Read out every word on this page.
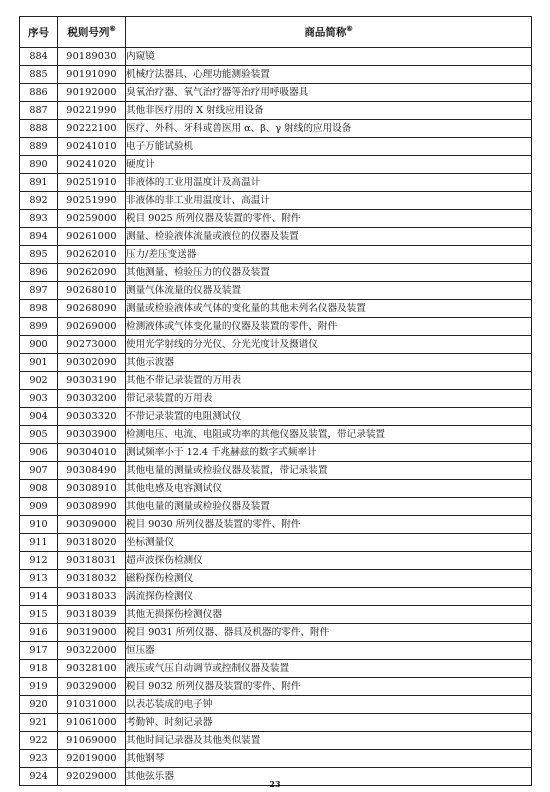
序号	税则号列⑥	商品简称⑥
884	90189030	内窥镜
885	90191090	机械疗法器具、心理功能测验装置
886	90192000	臭氧治疗器、氧气治疗器等治疗用呼吸器具
887	90221990	其他非医疗用的 X 射线应用设备
888	90222100	医疗、外科、牙科或兽医用 α、β、γ 射线的应用设备
889	90241010	电子万能试验机
890	90241020	硬度计
891	90251910	非液体的工业用温度计及高温计
892	90251990	非液体的非工业用温度计、高温计
893	90259000	税目 9025 所列仪器及装置的零件、附件
894	90261000	测量、检验液体流量或液位的仪器及装置
895	90262010	压力/差压变送器
896	90262090	其他测量、检验压力的仪器及装置
897	90268010	测量气体流量的仪器及装置
898	90268090	测量或检验液体或气体的变化量的其他未列名仪器及装置
899	90269000	检测液体或气体变化量的仪器及装置的零件、附件
900	90273000	使用光学射线的分光仪、分光光度计及摄谱仪
901	90302090	其他示波器
902	90303190	其他不带记录装置的万用表
903	90303200	带记录装置的万用表
904	90303320	不带记录装置的电阻测试仪
905	90303900	检测电压、电流、电阻或功率的其他仪器及装置，带记录装置
906	90304010	测试频率小于 12.4 千兆赫兹的数字式频率计
907	90308490	其他电量的测量或检验仪器及装置，带记录装置
908	90308910	其他电感及电容测试仪
909	90308990	其他电量的测量或检验仪器及装置
910	90309000	税目 9030 所列仪器及装置的零件、附件
911	90318020	坐标测量仪
912	90318031	超声波探伤检测仪
913	90318032	磁粉探伤检测仪
914	90318033	涡流探伤检测仪
915	90318039	其他无损探伤检测仪器
916	90319000	税目 9031 所列仪器、器具及机器的零件、附件
917	90322000	恒压器
918	90328100	液压或气压自动调节或控制仪器及装置
919	90329000	税目 9032 所列仪器及装置的零件、附件
920	91031000	以表芯装成的电子钟
921	91061000	考勤钟、时刻记录器
922	91069000	其他时间记录器及其他类似装置
923	92019000	其他钢琴
924	92029000	其他弦乐器
23
